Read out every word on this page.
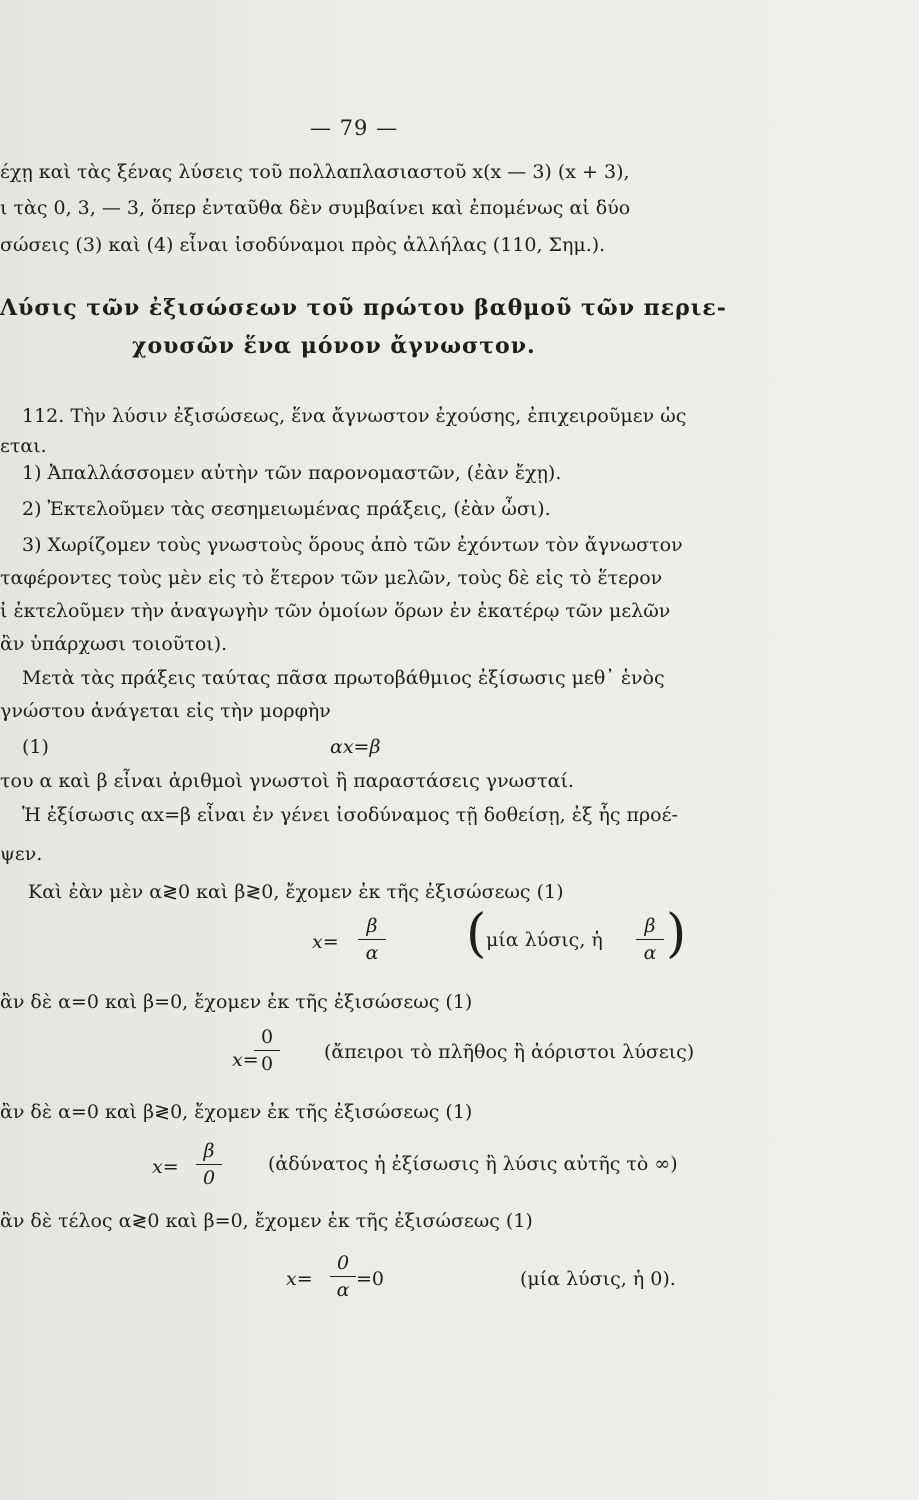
— 79 —
έχῃ καὶ τὰς ξένας λύσεις τοῦ πολλαπλασιαστοῦ x(x — 3) (x + 3),
ι τὰς 0, 3, — 3, ὅπερ ἐνταῦθα δὲν συμβαίνει καὶ ἐπομένως αἱ δύο
σώσεις (3) καὶ (4) εἶναι ἰσοδύναμοι πρὸς ἀλλήλας (110, Σημ.).
Λύσις τῶν ἐξισώσεων τοῦ πρώτου βαθμοῦ τῶν περιε-
χουσῶν ἕνα μόνον ἄγνωστον.
112. Τὴν λύσιν ἐξισώσεως, ἕνα ἄγνωστον ἐχούσης, ἐπιχειροῦμεν ὡς
εται.
1) Ἀπαλλάσσομεν αὐτὴν τῶν παρονομαστῶν, (ἐὰν ἔχῃ).
2) Ἐκτελοῦμεν τὰς σεσημειωμένας πράξεις, (ἐὰν ὦσι).
3) Χωρίζομεν τοὺς γνωστοὺς ὅρους ἀπὸ τῶν ἐχόντων τὸν ἄγνωστον
ταφέροντες τοὺς μὲν εἰς τὸ ἕτερον τῶν μελῶν, τοὺς δὲ εἰς τὸ ἕτερον
ἰ ἐκτελοῦμεν τὴν ἀναγωγὴν τῶν ὁμοίων ὅρων ἐν ἑκατέρῳ τῶν μελῶν
ἂν ὑπάρχωσι τοιοῦτοι).
Μετὰ τὰς πράξεις ταύτας πᾶσα πρωτοβάθμιος ἐξίσωσις μεθ᾿ ἑνὸς
γνώστου ἀνάγεται εἰς τὴν μορφὴν
(1)	αx=β
του α καὶ β εἶναι ἀριθμοὶ γνωστοὶ ἢ παραστάσεις γνωσταί.
Ἡ ἐξίσωσις αx=β εἶναι ἐν γένει ἰσοδύναμος τῇ δοθείσῃ, ἐξ ἧς προέ-
ψεν.
Καὶ ἐὰν μὲν α≷0 καὶ β≷0, ἔχομεν ἐκ τῆς ἐξισώσεως (1)
x=
β
α ( μία λύσις, ἡ
β
α )
ἂν δὲ α=0 καὶ β=0, ἔχομεν ἐκ τῆς ἐξισώσεως (1)
x=
0
0
(ἄπειροι τὸ πλῆθος ἢ ἀόριστοι λύσεις)
ἂν δὲ α=0 καὶ β≷0, ἔχομεν ἐκ τῆς ἐξισώσεως (1)
x=
β
0
(ἀδύνατος ἡ ἐξίσωσις ἢ λύσις αὐτῆς τὸ ∞)
ἂν δὲ τέλος α≷0 καὶ β=0, ἔχομεν ἐκ τῆς ἐξισώσεως (1)
x=
0
α =0	(μία λύσις, ἡ 0).
